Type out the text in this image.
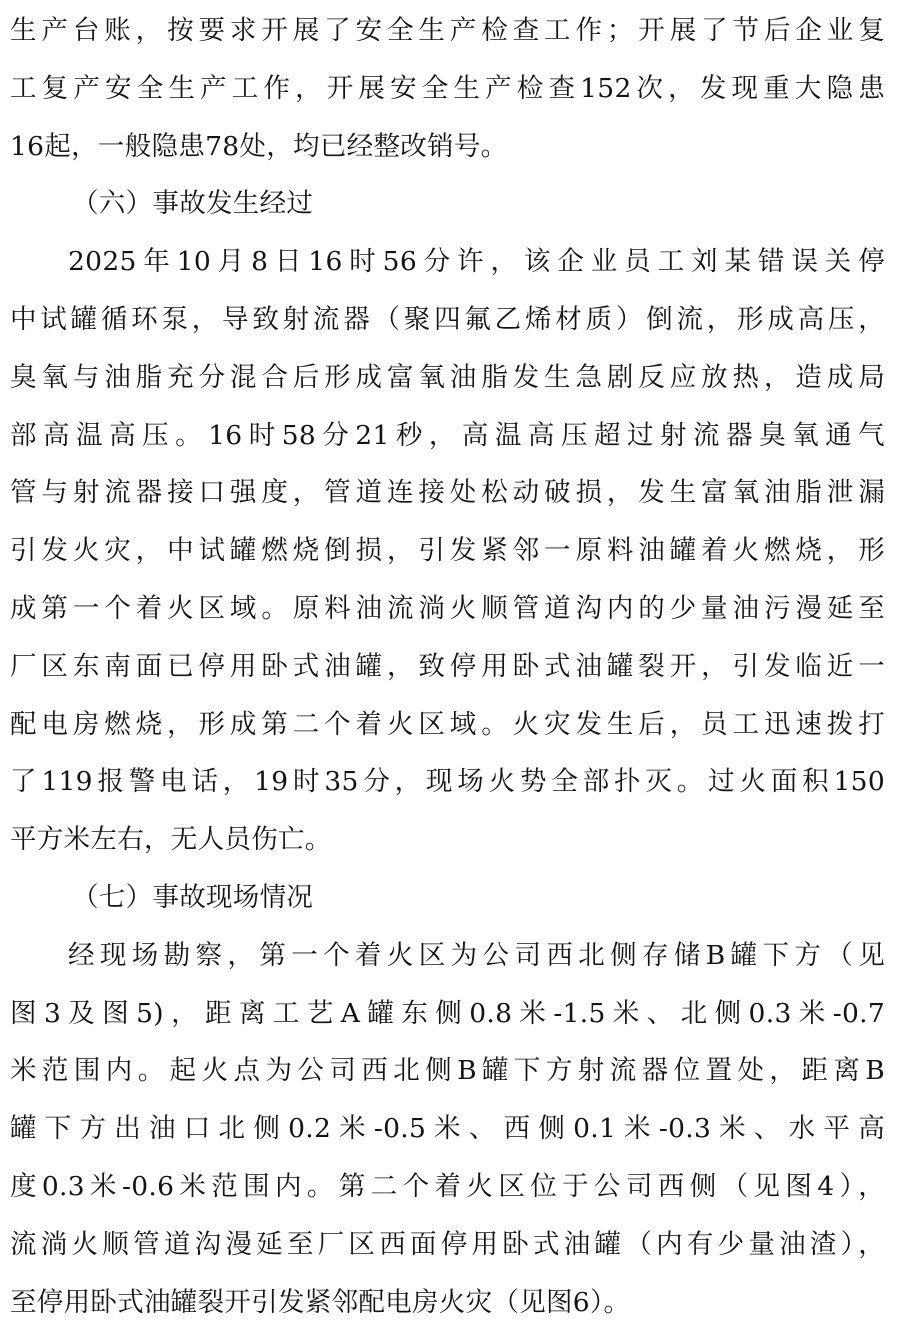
生产台账，按要求开展了安全生产检查工作；开展了节后企业复
工复产安全生产工作，开展安全生产检查152次，发现重大隐患
16起，一般隐患78处，均已经整改销号。
（六）事故发生经过
2025年10月8日16时56分许，该企业员工刘某错误关停
中试罐循环泵，导致射流器（聚四氟乙烯材质）倒流，形成高压，
臭氧与油脂充分混合后形成富氧油脂发生急剧反应放热，造成局
部高温高压。16时58分21秒，高温高压超过射流器臭氧通气
管与射流器接口强度，管道连接处松动破损，发生富氧油脂泄漏
引发火灾，中试罐燃烧倒损，引发紧邻一原料油罐着火燃烧，形
成第一个着火区域。原料油流淌火顺管道沟内的少量油污漫延至
厂区东南面已停用卧式油罐，致停用卧式油罐裂开，引发临近一
配电房燃烧，形成第二个着火区域。火灾发生后，员工迅速拨打
了119报警电话，19时35分，现场火势全部扑灭。过火面积150
平方米左右，无人员伤亡。
（七）事故现场情况
经现场勘察，第一个着火区为公司西北侧存储B罐下方（见
图3及图5)，距离工艺A罐东侧0.8米-1.5米、北侧0.3米-0.7
米范围内。起火点为公司西北侧B罐下方射流器位置处，距离B
罐下方出油口北侧0.2米-0.5米、西侧0.1米-0.3米、水平高
度0.3米-0.6米范围内。第二个着火区位于公司西侧（见图4），
流淌火顺管道沟漫延至厂区西面停用卧式油罐（内有少量油渣），
至停用卧式油罐裂开引发紧邻配电房火灾（见图6）。
